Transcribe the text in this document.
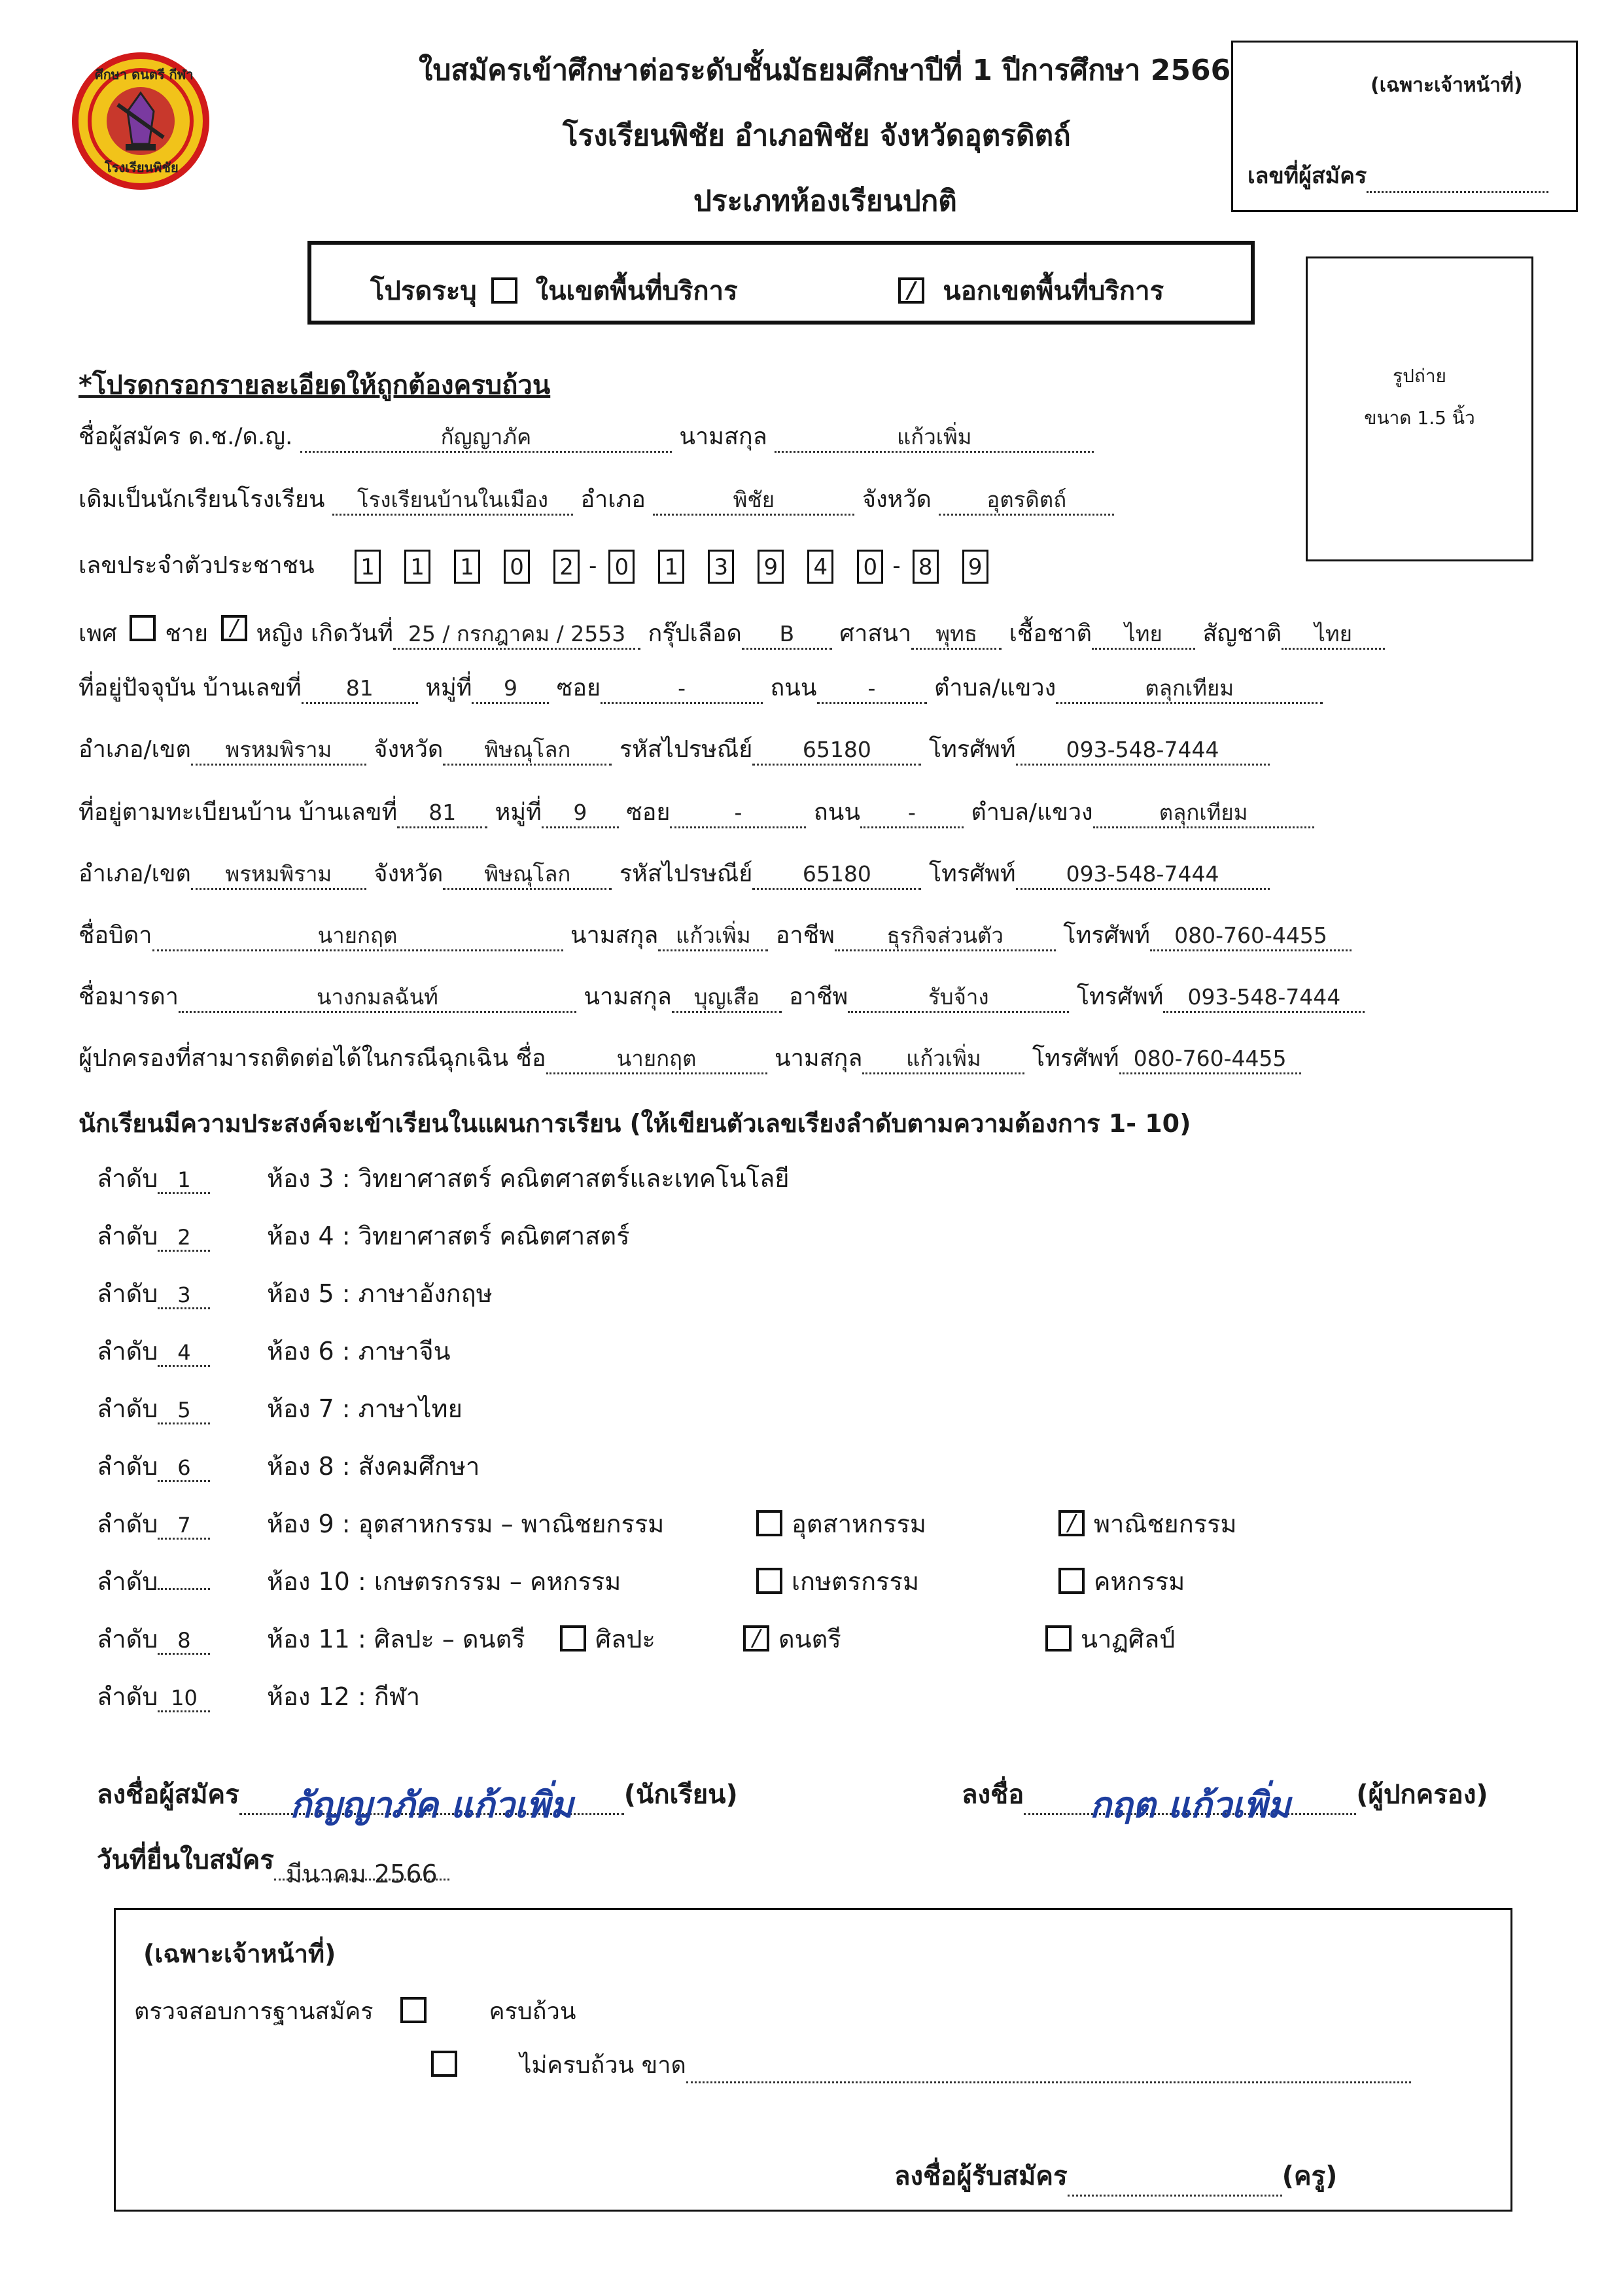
ศึกษา ดนตรี กีฬา
โรงเรียนพิชัย
ใบสมัครเข้าศึกษาต่อระดับชั้นมัธยมศึกษาปีที่ 1 ปีการศึกษา 2566
โรงเรียนพิชัย อำเภอพิชัย จังหวัดอุตรดิตถ์
ประเภทห้องเรียนปกติ
(เฉพาะเจ้าหน้าที่)
เลขที่ผู้สมัคร
โปรดระบุ ในเขตพื้นที่บริการ /	นอกเขตพื้นที่บริการ
รูปถ่าย
ขนาด 1.5 นิ้ว
*โปรดกรอกรายละเอียดให้ถูกต้องครบถ้วน
ชื่อผู้สมัคร ด.ช./ด.ญ.	กัญญาภัค	นามสกุล	แก้วเพิ่ม
เดิมเป็นนักเรียนโรงเรียน โรงเรียนบ้านในเมือง อำเภอ	พิชัย	จังหวัด	อุตรดิตถ์
เลขประจำตัวประชาชน 1 1 1 0 2 - 0 1 3 9 4 0 - 8 9
เพศ ชาย / หญิง เกิดวันที่ 25 / กรกฎาคม / 2553 กรุ๊ปเลือด B ศาสนา พุทธ เชื้อชาติ ไทย สัญชาติ ไทย
ที่อยู่ปัจจุบัน บ้านเลขที่ 81 หมู่ที่ 9 ซอย	-	ถนน - ตำบล/แขวง	ตลุกเทียม
อำเภอ/เขต พรหมพิราม จังหวัด พิษณุโลก รหัสไปรษณีย์ 65180 โทรศัพท์ 093-548-7444
ที่อยู่ตามทะเบียนบ้าน บ้านเลขที่ 81 หมู่ที่ 9 ซอย	-	ถนน - ตำบล/แขวง	ตลุกเทียม
อำเภอ/เขต พรหมพิราม จังหวัด พิษณุโลก รหัสไปรษณีย์ 65180 โทรศัพท์ 093-548-7444
ชื่อบิดา	นายกฤต	นามสกุล แก้วเพิ่ม อาชีพ ธุรกิจส่วนตัว	โทรศัพท์ 080-760-4455
ชื่อมารดา	นางกมลฉันท์	นามสกุล บุญเสือ อาชีพ	รับจ้าง	โทรศัพท์ 093-548-7444
ผู้ปกครองที่สามารถติดต่อได้ในกรณีฉุกเฉิน ชื่อ	นายกฤต	นามสกุล แก้วเพิ่ม โทรศัพท์ 080-760-4455
นักเรียนมีความประสงค์จะเข้าเรียนในแผนการเรียน (ให้เขียนตัวเลขเรียงลำดับตามความต้องการ 1- 10)
ลำดับ 1	ห้อง 3 : วิทยาศาสตร์ คณิตศาสตร์และเทคโนโลยี
ลำดับ 2	ห้อง 4 : วิทยาศาสตร์ คณิตศาสตร์
ลำดับ 3	ห้อง 5 : ภาษาอังกฤษ
ลำดับ 4	ห้อง 6 : ภาษาจีน
ลำดับ 5	ห้อง 7 : ภาษาไทย
ลำดับ 6	ห้อง 8 : สังคมศึกษา
ลำดับ 7	ห้อง 9 : อุตสาหกรรม – พาณิชยกรรม	อุตสาหกรรม /	พาณิชยกรรม
ลำดับ	ห้อง 10 : เกษตรกรรม – คหกรรม	เกษตรกรรม	คหกรรม
ลำดับ 8	ห้อง 11 : ศิลปะ – ดนตรี	ศิลปะ /	ดนตรี	นาฏศิลป์
ลำดับ 10	ห้อง 12 : กีฬา
ลงชื่อผู้สมัคร กัญญาภัค แก้วเพิ่ม (นักเรียน)	ลงชื่อ กฤต แก้วเพิ่ม	(ผู้ปกครอง)
วันที่ยื่นใบสมัคร มีนาคม 2566
(เฉพาะเจ้าหน้าที่)
ตรวจสอบการฐานสมัคร	ครบถ้วน
ไม่ครบถ้วน ขาด
ลงชื่อผู้รับสมัคร	(ครู)
